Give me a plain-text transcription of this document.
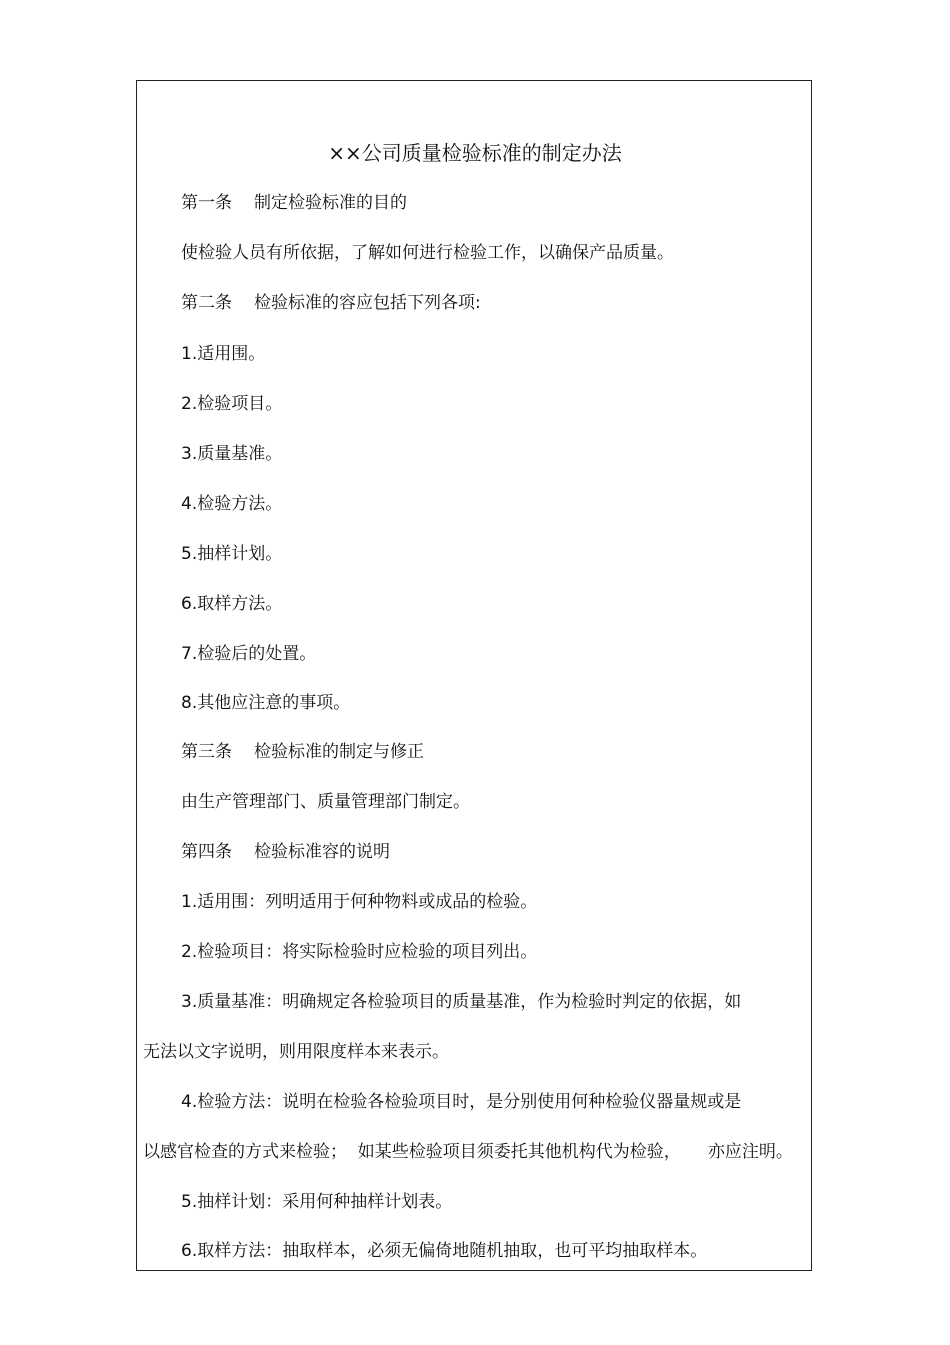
××公司质量检验标准的制定办法
第一条 制定检验标准的目的
使检验人员有所依据，了解如何进行检验工作，以确保产品质量。
第二条 检验标准的容应包括下列各项:
1.适用围。
2.检验项目。
3.质量基准。
4.检验方法。
5.抽样计划。
6.取样方法。
7.检验后的处置。
8.其他应注意的事项。
第三条 检验标准的制定与修正
由生产管理部门、质量管理部门制定。
第四条 检验标准容的说明
1.适用围：列明适用于何种物料或成品的检验。
2.检验项目：将实际检验时应检验的项目列出。
3.质量基准：明确规定各检验项目的质量基准，作为检验时判定的依据，如
无法以文字说明，则用限度样本来表示。
4.检验方法：说明在检验各检验项目时，是分别使用何种检验仪器量规或是
以感官检查的方式来检验；  如某些检验项目须委托其他机构代为检验，     亦应注明。
5.抽样计划：采用何种抽样计划表。
6.取样方法：抽取样本，必须无偏倚地随机抽取，也可平均抽取样本。
